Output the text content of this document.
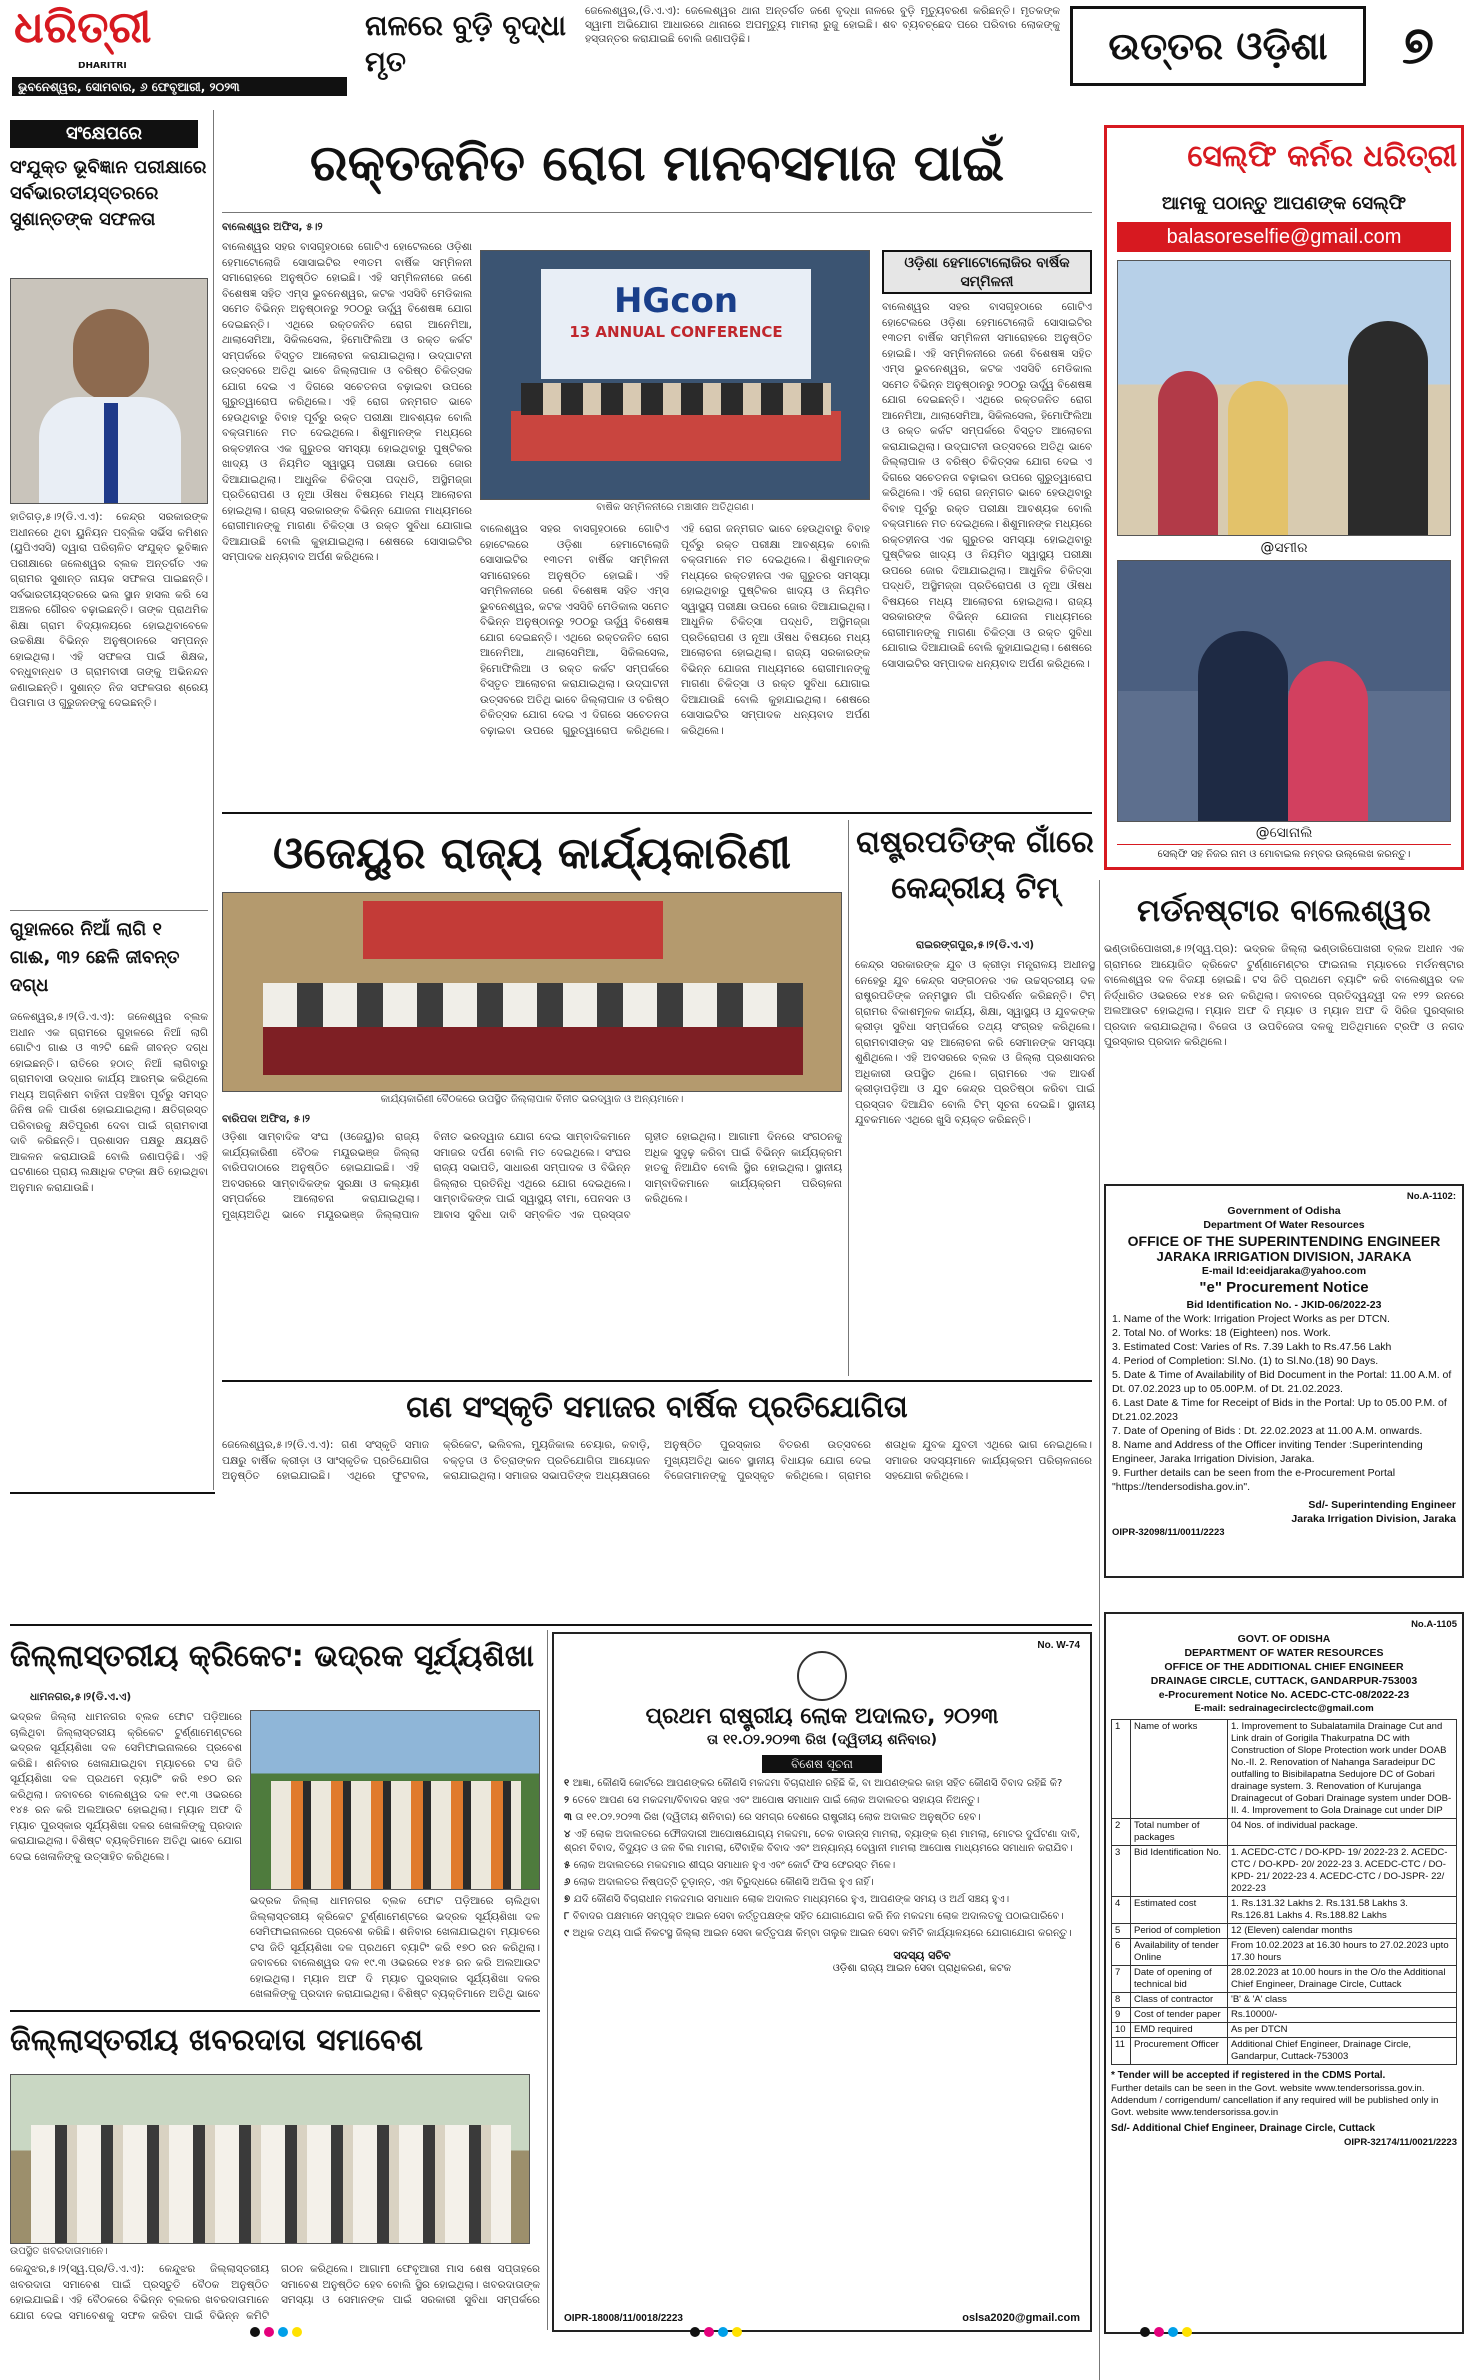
ଧରିତ୍ରୀ
DHARITRI
ଭୁବନେଶ୍ୱର, ସୋମବାର, ୬ ଫେବୃଆରୀ, ୨୦୨୩
ନାଳରେ ବୁଡ଼ି ବୃଦ୍ଧା ମୃତ
ଜେଲେଶ୍ୱର,(ଡି.ଏ.ଏ): ଜେଲେଶ୍ୱର ଥାନା ଅନ୍ତର୍ଗତ ଜଣେ ବୃଦ୍ଧା ନାଳରେ ବୁଡ଼ି ମୃତ୍ୟୁବରଣ କରିଛନ୍ତି। ମୃତକଙ୍କ ସ୍ୱାମୀ ଅଭିଯୋଗ ଆଧାରରେ ଥାନାରେ ଅପମୃତ୍ୟୁ ମାମଲା ରୁଜୁ ହୋଇଛି। ଶବ ବ୍ୟବଚ୍ଛେଦ ପରେ ପରିବାର ଲୋକଙ୍କୁ ହସ୍ତାନ୍ତର କରାଯାଇଛି ବୋଲି ଜଣାପଡ଼ିଛି।	ଉତ୍ତର ଓଡ଼ିଶା	୭
ସଂକ୍ଷେପରେ
ସଂଯୁକ୍ତ ଭୂବିଜ୍ଞାନ ପରୀକ୍ଷାରେ ସର୍ବଭାରତୀୟସ୍ତରରେ ସୁଶାନ୍ତଙ୍କ ସଫଳତା
ହାତିଗଡ଼,୫।୨(ଡି.ଏ.ଏ): କେନ୍ଦ୍ର ସରକାରଙ୍କ ଅଧୀନରେ ଥିବା ୟୁନିୟନ ପବ୍ଲିକ ସର୍ଭିସ କମିଶନ (ୟୁପିଏସସି) ଦ୍ୱାରା ପରିଚାଳିତ ସଂଯୁକ୍ତ ଭୂବିଜ୍ଞାନ ପରୀକ୍ଷାରେ ଜଲେଶ୍ୱର ବ୍ଲକ ଅନ୍ତର୍ଗତ ଏକ ଗ୍ରାମର ସୁଶାନ୍ତ ନାୟକ ସଫଳତା ପାଇଛନ୍ତି। ସର୍ବଭାରତୀୟସ୍ତରରେ ଭଲ ସ୍ଥାନ ହାସଲ କରି ସେ ଅଞ୍ଚଳର ଗୌରବ ବଢ଼ାଇଛନ୍ତି। ତାଙ୍କ ପ୍ରାଥମିକ ଶିକ୍ଷା ଗ୍ରାମ ବିଦ୍ୟାଳୟରେ ହୋଇଥିବାବେଳେ ଉଚ୍ଚଶିକ୍ଷା ବିଭିନ୍ନ ଅନୁଷ୍ଠାନରେ ସମ୍ପନ୍ନ ହୋଇଥିଲା। ଏହି ସଫଳତା ପାଇଁ ଶିକ୍ଷକ, ବନ୍ଧୁବାନ୍ଧବ ଓ ଗ୍ରାମବାସୀ ତାଙ୍କୁ ଅଭିନନ୍ଦନ ଜଣାଇଛନ୍ତି। ସୁଶାନ୍ତ ନିଜ ସଫଳତାର ଶ୍ରେୟ ପିତାମାତା ଓ ଗୁରୁଜନଙ୍କୁ ଦେଇଛନ୍ତି।
ଗୁହାଳରେ ନିଆଁ ଲାଗି ୧ ଗାଈ, ୩୨ ଛେଳି ଜୀବନ୍ତ ଦଗ୍ଧ
ଜଳେଶ୍ୱର,୫।୨(ଡି.ଏ.ଏ): ଜଳେଶ୍ୱର ବ୍ଲକ ଅଧୀନ ଏକ ଗ୍ରାମରେ ଗୁହାଳରେ ନିଆଁ ଲାଗି ଗୋଟିଏ ଗାଈ ଓ ୩୨ଟି ଛେଳି ଜୀବନ୍ତ ଦଗ୍ଧ ହୋଇଛନ୍ତି। ରାତିରେ ହଠାତ୍ ନିଆଁ ଲାଗିବାରୁ ଗ୍ରାମବାସୀ ଉଦ୍ଧାର କାର୍ଯ୍ୟ ଆରମ୍ଭ କରିଥିଲେ ମଧ୍ୟ ଅଗ୍ନିଶମ ବାହିନୀ ପହଞ୍ଚିବା ପୂର୍ବରୁ ସମସ୍ତ ଜିନିଷ ଜଳି ପାଉଁଶ ହୋଇଯାଇଥିଲା। କ୍ଷତିଗ୍ରସ୍ତ ପରିବାରକୁ କ୍ଷତିପୂରଣ ଦେବା ପାଇଁ ଗ୍ରାମବାସୀ ଦାବି କରିଛନ୍ତି। ପ୍ରଶାସନ ପକ୍ଷରୁ କ୍ଷୟକ୍ଷତି ଆକଳନ କରାଯାଉଛି ବୋଲି ଜଣାପଡ଼ିଛି। ଏହି ଘଟଣାରେ ପ୍ରାୟ ଲକ୍ଷାଧିକ ଟଙ୍କା କ୍ଷତି ହୋଇଥିବା ଅନୁମାନ କରାଯାଉଛି।
ରକ୍ତଜନିତ ରୋଗ ମାନବସମାଜ ପାଇଁ
ବାଲେଶ୍ୱର ଅଫିସ, ୫।୨
HGcon
13 ANNUAL CONFERENCE
ବାର୍ଷିକ ସମ୍ମିଳନୀରେ ମଞ୍ଚାସୀନ ଅତିଥିଗଣ।
ଓଡ଼ିଶା ହେମାଟୋଲୋଜିର ବାର୍ଷିକ ସମ୍ମିଳନୀ
ବାଲେଶ୍ୱର ସହର ବାସଗୃହଠାରେ ଗୋଟିଏ ହୋଟେଲରେ ଓଡ଼ିଶା ହେମାଟୋଲୋଜି ସୋସାଇଟିର ୧୩ତମ ବାର୍ଷିକ ସମ୍ମିଳନୀ ସମାରୋହରେ ଅନୁଷ୍ଠିତ ହୋଇଛି। ଏହି ସମ୍ମିଳନୀରେ ଜଣେ ବିଶେଷଜ୍ଞ ସହିତ ଏମ୍ସ ଭୁବନେଶ୍ୱର, କଟକ ଏସସିବି ମେଡିକାଲ ସମେତ ବିଭିନ୍ନ ଅନୁଷ୍ଠାନରୁ ୨୦୦ରୁ ଊର୍ଦ୍ଧ୍ୱ ବିଶେଷଜ୍ଞ ଯୋଗ ଦେଇଛନ୍ତି। ଏଥିରେ ରକ୍ତଜନିତ ରୋଗ ଆନେମିଆ, ଥାଲାସେମିଆ, ସିକିଲସେଲ, ହିମୋଫିଲିଆ ଓ ରକ୍ତ କର୍କଟ ସମ୍ପର୍କରେ ବିସ୍ତୃତ ଆଲୋଚନା କରାଯାଇଥିଲା। ଉଦ୍‌ଘାଟନୀ ଉତ୍ସବରେ ଅତିଥି ଭାବେ ଜିଲ୍ଲାପାଳ ଓ ବରିଷ୍ଠ ଚିକିତ୍ସକ ଯୋଗ ଦେଇ ଏ ଦିଗରେ ସଚେତନତା ବଢ଼ାଇବା ଉପରେ ଗୁରୁତ୍ୱାରୋପ କରିଥିଲେ। ଏହି ରୋଗ ଜନ୍ମଗତ ଭାବେ ହେଉଥିବାରୁ ବିବାହ ପୂର୍ବରୁ ରକ୍ତ ପରୀକ୍ଷା ଆବଶ୍ୟକ ବୋଲି ବକ୍ତାମାନେ ମତ ଦେଇଥିଲେ। ଶିଶୁମାନଙ୍କ ମଧ୍ୟରେ ରକ୍ତହୀନତା ଏକ ଗୁରୁତର ସମସ୍ୟା ହୋଇଥିବାରୁ ପୁଷ୍ଟିକର ଖାଦ୍ୟ ଓ ନିୟମିତ ସ୍ୱାସ୍ଥ୍ୟ ପରୀକ୍ଷା ଉପରେ ଜୋର ଦିଆଯାଇଥିଲା। ଆଧୁନିକ ଚିକିତ୍ସା ପଦ୍ଧତି, ଅସ୍ଥିମଜ୍ଜା ପ୍ରତିରୋପଣ ଓ ନୂଆ ଔଷଧ ବିଷୟରେ ମଧ୍ୟ ଆଲୋଚନା ହୋଇଥିଲା। ରାଜ୍ୟ ସରକାରଙ୍କ ବିଭିନ୍ନ ଯୋଜନା ମାଧ୍ୟମରେ ରୋଗୀମାନଙ୍କୁ ମାଗଣା ଚିକିତ୍ସା ଓ ରକ୍ତ ସୁବିଧା ଯୋଗାଇ ଦିଆଯାଉଛି ବୋଲି କୁହାଯାଇଥିଲା। ଶେଷରେ ସୋସାଇଟିର ସମ୍ପାଦକ ଧନ୍ୟବାଦ ଅର୍ପଣ କରିଥିଲେ।
ବାଲେଶ୍ୱର ସହର ବାସଗୃହଠାରେ ଗୋଟିଏ ହୋଟେଲରେ ଓଡ଼ିଶା ହେମାଟୋଲୋଜି ସୋସାଇଟିର ୧୩ତମ ବାର୍ଷିକ ସମ୍ମିଳନୀ ସମାରୋହରେ ଅନୁଷ୍ଠିତ ହୋଇଛି। ଏହି ସମ୍ମିଳନୀରେ ଜଣେ ବିଶେଷଜ୍ଞ ସହିତ ଏମ୍ସ ଭୁବନେଶ୍ୱର, କଟକ ଏସସିବି ମେଡିକାଲ ସମେତ ବିଭିନ୍ନ ଅନୁଷ୍ଠାନରୁ ୨୦୦ରୁ ଊର୍ଦ୍ଧ୍ୱ ବିଶେଷଜ୍ଞ ଯୋଗ ଦେଇଛନ୍ତି। ଏଥିରେ ରକ୍ତଜନିତ ରୋଗ ଆନେମିଆ, ଥାଲାସେମିଆ, ସିକିଲସେଲ, ହିମୋଫିଲିଆ ଓ ରକ୍ତ କର୍କଟ ସମ୍ପର୍କରେ ବିସ୍ତୃତ ଆଲୋଚନା କରାଯାଇଥିଲା। ଉଦ୍‌ଘାଟନୀ ଉତ୍ସବରେ ଅତିଥି ଭାବେ ଜିଲ୍ଲାପାଳ ଓ ବରିଷ୍ଠ ଚିକିତ୍ସକ ଯୋଗ ଦେଇ ଏ ଦିଗରେ ସଚେତନତା ବଢ଼ାଇବା ଉପରେ ଗୁରୁତ୍ୱାରୋପ କରିଥିଲେ। ଏହି ରୋଗ ଜନ୍ମଗତ ଭାବେ ହେଉଥିବାରୁ ବିବାହ ପୂର୍ବରୁ ରକ୍ତ ପରୀକ୍ଷା ଆବଶ୍ୟକ ବୋଲି ବକ୍ତାମାନେ ମତ ଦେଇଥିଲେ। ଶିଶୁମାନଙ୍କ ମଧ୍ୟରେ ରକ୍ତହୀନତା ଏକ ଗୁରୁତର ସମସ୍ୟା ହୋଇଥିବାରୁ ପୁଷ୍ଟିକର ଖାଦ୍ୟ ଓ ନିୟମିତ ସ୍ୱାସ୍ଥ୍ୟ ପରୀକ୍ଷା ଉପରେ ଜୋର ଦିଆଯାଇଥିଲା। ଆଧୁନିକ ଚିକିତ୍ସା ପଦ୍ଧତି, ଅସ୍ଥିମଜ୍ଜା ପ୍ରତିରୋପଣ ଓ ନୂଆ ଔଷଧ ବିଷୟରେ ମଧ୍ୟ ଆଲୋଚନା ହୋଇଥିଲା। ରାଜ୍ୟ ସରକାରଙ୍କ ବିଭିନ୍ନ ଯୋଜନା ମାଧ୍ୟମରେ ରୋଗୀମାନଙ୍କୁ ମାଗଣା ଚିକିତ୍ସା ଓ ରକ୍ତ ସୁବିଧା ଯୋଗାଇ ଦିଆଯାଉଛି ବୋଲି କୁହାଯାଇଥିଲା। ଶେଷରେ ସୋସାଇଟିର ସମ୍ପାଦକ ଧନ୍ୟବାଦ ଅର୍ପଣ କରିଥିଲେ।
ବାଲେଶ୍ୱର ସହର ବାସଗୃହଠାରେ ଗୋଟିଏ ହୋଟେଲରେ ଓଡ଼ିଶା ହେମାଟୋଲୋଜି ସୋସାଇଟିର ୧୩ତମ ବାର୍ଷିକ ସମ୍ମିଳନୀ ସମାରୋହରେ ଅନୁଷ୍ଠିତ ହୋଇଛି। ଏହି ସମ୍ମିଳନୀରେ ଜଣେ ବିଶେଷଜ୍ଞ ସହିତ ଏମ୍ସ ଭୁବନେଶ୍ୱର, କଟକ ଏସସିବି ମେଡିକାଲ ସମେତ ବିଭିନ୍ନ ଅନୁଷ୍ଠାନରୁ ୨୦୦ରୁ ଊର୍ଦ୍ଧ୍ୱ ବିଶେଷଜ୍ଞ ଯୋଗ ଦେଇଛନ୍ତି। ଏଥିରେ ରକ୍ତଜନିତ ରୋଗ ଆନେମିଆ, ଥାଲାସେମିଆ, ସିକିଲସେଲ, ହିମୋଫିଲିଆ ଓ ରକ୍ତ କର୍କଟ ସମ୍ପର୍କରେ ବିସ୍ତୃତ ଆଲୋଚନା କରାଯାଇଥିଲା। ଉଦ୍‌ଘାଟନୀ ଉତ୍ସବରେ ଅତିଥି ଭାବେ ଜିଲ୍ଲାପାଳ ଓ ବରିଷ୍ଠ ଚିକିତ୍ସକ ଯୋଗ ଦେଇ ଏ ଦିଗରେ ସଚେତନତା ବଢ଼ାଇବା ଉପରେ ଗୁରୁତ୍ୱାରୋପ କରିଥିଲେ। ଏହି ରୋଗ ଜନ୍ମଗତ ଭାବେ ହେଉଥିବାରୁ ବିବାହ ପୂର୍ବରୁ ରକ୍ତ ପରୀକ୍ଷା ଆବଶ୍ୟକ ବୋଲି ବକ୍ତାମାନେ ମତ ଦେଇଥିଲେ। ଶିଶୁମାନଙ୍କ ମଧ୍ୟରେ ରକ୍ତହୀନତା ଏକ ଗୁରୁତର ସମସ୍ୟା ହୋଇଥିବାରୁ ପୁଷ୍ଟିକର ଖାଦ୍ୟ ଓ ନିୟମିତ ସ୍ୱାସ୍ଥ୍ୟ ପରୀକ୍ଷା ଉପରେ ଜୋର ଦିଆଯାଇଥିଲା। ଆଧୁନିକ ଚିକିତ୍ସା ପଦ୍ଧତି, ଅସ୍ଥିମଜ୍ଜା ପ୍ରତିରୋପଣ ଓ ନୂଆ ଔଷଧ ବିଷୟରେ ମଧ୍ୟ ଆଲୋଚନା ହୋଇଥିଲା। ରାଜ୍ୟ ସରକାରଙ୍କ ବିଭିନ୍ନ ଯୋଜନା ମାଧ୍ୟମରେ ରୋଗୀମାନଙ୍କୁ ମାଗଣା ଚିକିତ୍ସା ଓ ରକ୍ତ ସୁବିଧା ଯୋଗାଇ ଦିଆଯାଉଛି ବୋଲି କୁହାଯାଇଥିଲା। ଶେଷରେ ସୋସାଇଟିର ସମ୍ପାଦକ ଧନ୍ୟବାଦ ଅର୍ପଣ କରିଥିଲେ।
ସେଲ୍ଫି କର୍ନର ଧରିତ୍ରୀ
ଆମକୁ ପଠାନ୍ତୁ ଆପଣଙ୍କ ସେଲ୍ଫି
balasoreselfie@gmail.com
@ସମୀର
@ସୋନାଲି
ସେଲ୍ଫି ସହ ନିଜର ନାମ ଓ ମୋବାଇଲ ନମ୍ବର ଉଲ୍ଲେଖ କରନ୍ତୁ।
ଓଜେୟୁର ରାଜ୍ୟ କାର୍ଯ୍ୟକାରିଣୀ
କାର୍ଯ୍ୟକାରିଣୀ ବୈଠକରେ ଉପସ୍ଥିତ ଜିଲ୍ଲାପାଳ ବିନୀତ ଭରଦ୍ୱାଜ ଓ ଅନ୍ୟମାନେ।
ବାରିପଦା ଅଫିସ, ୫।୨
ଓଡ଼ିଶା ସାମ୍ବାଦିକ ସଂଘ (ଓଜେୟୁ)ର ରାଜ୍ୟ କାର୍ଯ୍ୟକାରିଣୀ ବୈଠକ ମୟୂରଭଞ୍ଜ ଜିଲ୍ଲା ବାରିପଦାଠାରେ ଅନୁଷ୍ଠିତ ହୋଇଯାଇଛି। ଏହି ଅବସରରେ ସାମ୍ବାଦିକଙ୍କ ସୁରକ୍ଷା ଓ କଲ୍ୟାଣ ସମ୍ପର୍କରେ ଆଲୋଚନା କରାଯାଇଥିଲା। ମୁଖ୍ୟଅତିଥି ଭାବେ ମୟୂରଭଞ୍ଜ ଜିଲ୍ଲାପାଳ ବିନୀତ ଭରଦ୍ୱାଜ ଯୋଗ ଦେଇ ସାମ୍ବାଦିକମାନେ ସମାଜର ଦର୍ପଣ ବୋଲି ମତ ଦେଇଥିଲେ। ସଂଘର ରାଜ୍ୟ ସଭାପତି, ସାଧାରଣ ସମ୍ପାଦକ ଓ ବିଭିନ୍ନ ଜିଲ୍ଲାର ପ୍ରତିନିଧି ଏଥିରେ ଯୋଗ ଦେଇଥିଲେ। ସାମ୍ବାଦିକଙ୍କ ପାଇଁ ସ୍ୱାସ୍ଥ୍ୟ ବୀମା, ପେନସନ ଓ ଆବାସ ସୁବିଧା ଦାବି ସମ୍ବଳିତ ଏକ ପ୍ରସ୍ତାବ ଗୃହୀତ ହୋଇଥିଲା। ଆଗାମୀ ଦିନରେ ସଂଗଠନକୁ ଅଧିକ ସୁଦୃଢ଼ କରିବା ପାଇଁ ବିଭିନ୍ନ କାର୍ଯ୍ୟକ୍ରମ ହାତକୁ ନିଆଯିବ ବୋଲି ସ୍ଥିର ହୋଇଥିଲା। ସ୍ଥାନୀୟ ସାମ୍ବାଦିକମାନେ କାର୍ଯ୍ୟକ୍ରମ ପରିଚାଳନା କରିଥିଲେ।
ରାଷ୍ଟ୍ରପତିଙ୍କ ଗାଁରେ କେନ୍ଦ୍ରୀୟ ଟିମ୍
ରାଇରଙ୍ଗପୁର,୫।୨(ଡି.ଏ.ଏ)
କେନ୍ଦ୍ର ସରକାରଙ୍କ ଯୁବ ଓ କ୍ରୀଡ଼ା ମନ୍ତ୍ରାଳୟ ଅଧୀନସ୍ଥ ନେହେରୁ ଯୁବ କେନ୍ଦ୍ର ସଙ୍ଗଠନର ଏକ ଉଚ୍ଚସ୍ତରୀୟ ଦଳ ରାଷ୍ଟ୍ରପତିଙ୍କ ଜନ୍ମସ୍ଥାନ ଗାଁ ପରିଦର୍ଶନ କରିଛନ୍ତି। ଟିମ୍ ଗ୍ରାମର ବିକାଶମୂଳକ କାର୍ଯ୍ୟ, ଶିକ୍ଷା, ସ୍ୱାସ୍ଥ୍ୟ ଓ ଯୁବକଙ୍କ କ୍ରୀଡ଼ା ସୁବିଧା ସମ୍ପର୍କରେ ତଥ୍ୟ ସଂଗ୍ରହ କରିଥିଲେ। ଗ୍ରାମବାସୀଙ୍କ ସହ ଆଲୋଚନା କରି ସେମାନଙ୍କ ସମସ୍ୟା ଶୁଣିଥିଲେ। ଏହି ଅବସରରେ ବ୍ଲକ ଓ ଜିଲ୍ଲା ପ୍ରଶାସନର ଅଧିକାରୀ ଉପସ୍ଥିତ ଥିଲେ। ଗ୍ରାମରେ ଏକ ଆଦର୍ଶ କ୍ରୀଡ଼ାପଡ଼ିଆ ଓ ଯୁବ କେନ୍ଦ୍ର ପ୍ରତିଷ୍ଠା କରିବା ପାଇଁ ପ୍ରସ୍ତାବ ଦିଆଯିବ ବୋଲି ଟିମ୍ ସୂଚନା ଦେଇଛି। ସ୍ଥାନୀୟ ଯୁବକମାନେ ଏଥିରେ ଖୁସି ବ୍ୟକ୍ତ କରିଛନ୍ତି।
ମର୍ଡନଷ୍ଟାର ବାଲେଶ୍ୱର
ଭଣ୍ଡାରିପୋଖରୀ,୫।୨(ସ୍ୱ.ପ୍ର): ଭଦ୍ରକ ଜିଲ୍ଲା ଭଣ୍ଡାରିପୋଖରୀ ବ୍ଲକ ଅଧୀନ ଏକ ଗ୍ରାମରେ ଆୟୋଜିତ କ୍ରିକେଟ ଟୁର୍ଣ୍ଣାମେଣ୍ଟର ଫାଇନାଲ ମ୍ୟାଚରେ ମର୍ଡନଷ୍ଟାର ବାଲେଶ୍ୱର ଦଳ ବିଜୟୀ ହୋଇଛି। ଟସ ଜିତି ପ୍ରଥମେ ବ୍ୟାଟିଂ କରି ବାଲେଶ୍ୱର ଦଳ ନିର୍ଦ୍ଧାରିତ ଓଭରରେ ୧୪୫ ରନ କରିଥିଲା। ଜବାବରେ ପ୍ରତିଦ୍ୱନ୍ଦ୍ୱୀ ଦଳ ୧୨୨ ରନରେ ଅଲଆଉଟ ହୋଇଥିଲା। ମ୍ୟାନ ଅଫ ଦି ମ୍ୟାଚ ଓ ମ୍ୟାନ ଅଫ ଦି ସିରିଜ ପୁରସ୍କାର ପ୍ରଦାନ କରାଯାଇଥିଲା। ବିଜେତା ଓ ଉପବିଜେତା ଦଳକୁ ଅତିଥିମାନେ ଟ୍ରଫି ଓ ନଗଦ ପୁରସ୍କାର ପ୍ରଦାନ କରିଥିଲେ।
No.A-1102:
Government of Odisha
Department Of Water Resources
OFFICE OF THE SUPERINTENDING ENGINEER
JARAKA IRRIGATION DIVISION, JARAKA
E-mail Id:eeidjaraka@yahoo.com
"e" Procurement Notice
Bid Identification No. - JKID-06/2022-23
1. Name of the Work: Irrigation Project Works as per DTCN.
2. Total No. of Works: 18 (Eighteen) nos. Work.
3. Estimated Cost: Varies of Rs. 7.39 Lakh to Rs.47.56 Lakh
4. Period of Completion: Sl.No. (1) to Sl.No.(18) 90 Days.
5. Date & Time of Availability of Bid Document in the Portal: 11.00 A.M. of Dt. 07.02.2023 up to 05.00P.M. of Dt. 21.02.2023.
6. Last Date & Time for Receipt of Bids in the Portal: Up to 05.00 P.M. of Dt.21.02.2023
7. Date of Opening of Bids : Dt. 22.02.2023 at 11.00 A.M. onwards.
8. Name and Address of the Officer inviting Tender :Superintending Engineer, Jaraka Irrigation Division, Jaraka.
9. Further details can be seen from the e-Procurement Portal "https://tendersodisha.gov.in".
Sd/- Superintending Engineer
Jaraka Irrigation Division, Jaraka
OIPR-32098/11/0011/2223
ଗଣ ସଂସ୍କୃତି ସମାଜର ବାର୍ଷିକ ପ୍ରତିଯୋଗିତା
ଜେଲେଶ୍ୱର,୫।୨(ଡି.ଏ.ଏ): ଗଣ ସଂସ୍କୃତି ସମାଜ ପକ୍ଷରୁ ବାର୍ଷିକ କ୍ରୀଡ଼ା ଓ ସାଂସ୍କୃତିକ ପ୍ରତିଯୋଗିତା ଅନୁଷ୍ଠିତ ହୋଇଯାଇଛି। ଏଥିରେ ଫୁଟବଲ, କ୍ରିକେଟ, ଭଲିବଲ, ମ୍ୟୁଜିକାଲ ଚେୟାର, କବାଡ଼ି, ବକ୍ତୃତା ଓ ଚିତ୍ରାଙ୍କନ ପ୍ରତିଯୋଗିତା ଆୟୋଜନ କରାଯାଇଥିଲା। ସମାଜର ସଭାପତିଙ୍କ ଅଧ୍ୟକ୍ଷତାରେ ଅନୁଷ୍ଠିତ ପୁରସ୍କାର ବିତରଣ ଉତ୍ସବରେ ମୁଖ୍ୟଅତିଥି ଭାବେ ସ୍ଥାନୀୟ ବିଧାୟକ ଯୋଗ ଦେଇ ବିଜେତାମାନଙ୍କୁ ପୁରସ୍କୃତ କରିଥିଲେ। ଗ୍ରାମର ଶତାଧିକ ଯୁବକ ଯୁବତୀ ଏଥିରେ ଭାଗ ନେଇଥିଲେ। ସମାଜର ସଦସ୍ୟମାନେ କାର୍ଯ୍ୟକ୍ରମ ପରିଚାଳନାରେ ସହଯୋଗ କରିଥିଲେ।
ଜିଲ୍ଲାସ୍ତରୀୟ କ୍ରିକେଟ: ଭଦ୍ରକ ସୂର୍ଯ୍ୟଶିଖା
ଧାମନଗର,୫।୨(ଡି.ଏ.ଏ)
ଭଦ୍ରକ ଜିଲ୍ଲା ଧାମନଗର ବ୍ଲକ ଫୋଟ ପଡ଼ିଆରେ ଚାଲିଥିବା ଜିଲ୍ଲାସ୍ତରୀୟ କ୍ରିକେଟ ଟୁର୍ଣ୍ଣାମେଣ୍ଟରେ ଭଦ୍ରକ ସୂର୍ଯ୍ୟଶିଖା ଦଳ ସେମିଫାଇନାଲରେ ପ୍ରବେଶ କରିଛି। ଶନିବାର ଖେଳାଯାଇଥିବା ମ୍ୟାଚରେ ଟସ ଜିତି ସୂର୍ଯ୍ୟଶିଖା ଦଳ ପ୍ରଥମେ ବ୍ୟାଟିଂ କରି ୧୭୦ ରନ କରିଥିଲା। ଜବାବରେ ବାଲେଶ୍ୱର ଦଳ ୧୯.୩ ଓଭରରେ ୧୪୫ ରନ କରି ଅଲଆଉଟ ହୋଇଥିଲା। ମ୍ୟାନ ଅଫ ଦି ମ୍ୟାଚ ପୁରସ୍କାର ସୂର୍ଯ୍ୟଶିଖା ଦଳର ଖେଳାଳିଙ୍କୁ ପ୍ରଦାନ କରାଯାଇଥିଲା। ବିଶିଷ୍ଟ ବ୍ୟକ୍ତିମାନେ ଅତିଥି ଭାବେ ଯୋଗ ଦେଇ ଖେଳାଳିଙ୍କୁ ଉତ୍ସାହିତ କରିଥିଲେ।
ଭଦ୍ରକ ଜିଲ୍ଲା ଧାମନଗର ବ୍ଲକ ଫୋଟ ପଡ଼ିଆରେ ଚାଲିଥିବା ଜିଲ୍ଲାସ୍ତରୀୟ କ୍ରିକେଟ ଟୁର୍ଣ୍ଣାମେଣ୍ଟରେ ଭଦ୍ରକ ସୂର୍ଯ୍ୟଶିଖା ଦଳ ସେମିଫାଇନାଲରେ ପ୍ରବେଶ କରିଛି। ଶନିବାର ଖେଳାଯାଇଥିବା ମ୍ୟାଚରେ ଟସ ଜିତି ସୂର୍ଯ୍ୟଶିଖା ଦଳ ପ୍ରଥମେ ବ୍ୟାଟିଂ କରି ୧୭୦ ରନ କରିଥିଲା। ଜବାବରେ ବାଲେଶ୍ୱର ଦଳ ୧୯.୩ ଓଭରରେ ୧୪୫ ରନ କରି ଅଲଆଉଟ ହୋଇଥିଲା। ମ୍ୟାନ ଅଫ ଦି ମ୍ୟାଚ ପୁରସ୍କାର ସୂର୍ଯ୍ୟଶିଖା ଦଳର ଖେଳାଳିଙ୍କୁ ପ୍ରଦାନ କରାଯାଇଥିଲା। ବିଶିଷ୍ଟ ବ୍ୟକ୍ତିମାନେ ଅତିଥି ଭାବେ
ଜିଲ୍ଲାସ୍ତରୀୟ ଖବରଦାତା ସମାବେଶ
ଉପସ୍ଥିତ ଖବରଦାତାମାନେ।
କେନ୍ଦୁଝର,୫।୨(ସ୍ୱ.ପ୍ର/ଡି.ଏ.ଏ): କେନ୍ଦୁଝର ଜିଲ୍ଲାସ୍ତରୀୟ ଖବରଦାତା ସମାବେଶ ପାଇଁ ପ୍ରସ୍ତୁତି ବୈଠକ ଅନୁଷ୍ଠିତ ହୋଇଯାଇଛି। ଏହି ବୈଠକରେ ବିଭିନ୍ନ ବ୍ଲକର ଖବରଦାତାମାନେ ଯୋଗ ଦେଇ ସମାବେଶକୁ ସଫଳ କରିବା ପାଇଁ ବିଭିନ୍ନ କମିଟି ଗଠନ କରିଥିଲେ। ଆଗାମୀ ଫେବୃଆରୀ ମାସ ଶେଷ ସପ୍ତାହରେ ସମାବେଶ ଅନୁଷ୍ଠିତ ହେବ ବୋଲି ସ୍ଥିର ହୋଇଥିଲା। ଖବରଦାତାଙ୍କ ସମସ୍ୟା ଓ ସେମାନଙ୍କ ପାଇଁ ସରକାରୀ ସୁବିଧା ସମ୍ପର୍କରେ
No. W-74
ପ୍ରଥମ ରାଷ୍ଟ୍ରୀୟ ଲୋକ ଅଦାଲତ, ୨୦୨୩
ତା ୧୧.୦୨.୨୦୨୩ ରିଖ (ଦ୍ୱିତୀୟ ଶନିବାର)
ବିଶେଷ ସୂଚନା
୧ ଆଜ୍ଞା, କୌଣସି କୋର୍ଟରେ ଆପଣଙ୍କର କୌଣସି ମକଦ୍ଦମା ବିଚାରାଧୀନ ରହିଛି କି, ବା ଆପଣଙ୍କର କାହା ସହିତ କୌଣସି ବିବାଦ ରହିଛି କି?
୨ ତେବେ ଆପଣ ସେ ମକଦ୍ଦମା/ବିବାଦର ସହଜ ଏବଂ ଆପୋଷ ସମାଧାନ ପାଇଁ ଲୋକ ଅଦାଲତର ସହାୟତା ନିଅନ୍ତୁ।
୩ ତା ୧୧.୦୨.୨୦୨୩ ରିଖ (ଦ୍ୱିତୀୟ ଶନିବାର) ରେ ସମଗ୍ର ଦେଶରେ ରାଷ୍ଟ୍ରୀୟ ଲୋକ ଅଦାଲତ ଅନୁଷ୍ଠିତ ହେବ।
୪ ଏହି ଲୋକ ଅଦାଲତରେ ଫୌଜଦାରୀ ଆପୋଷଯୋଗ୍ୟ ମକଦ୍ଦମା, ଚେକ ବାଉନ୍ସ ମାମଲା, ବ୍ୟାଙ୍କ ଋଣ ମାମଲା, ମୋଟର ଦୁର୍ଘଟଣା ଦାବି, ଶ୍ରମ ବିବାଦ, ବିଦ୍ୟୁତ ଓ ଜଳ ବିଲ ମାମଲା, ବୈବାହିକ ବିବାଦ ଏବଂ ଅନ୍ୟାନ୍ୟ ଦେୱାନୀ ମାମଲା ଆପୋଷ ମାଧ୍ୟମରେ ସମାଧାନ କରାଯିବ।
୫ ଲୋକ ଅଦାଲତରେ ମକଦ୍ଦମାର ଶୀଘ୍ର ସମାଧାନ ହୁଏ ଏବଂ କୋର୍ଟ ଫିସ ଫେରସ୍ତ ମିଳେ।
୬ ଲୋକ ଅଦାଲତର ନିଷ୍ପତ୍ତି ଚୂଡ଼ାନ୍ତ, ଏହା ବିରୁଦ୍ଧରେ କୌଣସି ଅପିଲ ହୁଏ ନାହିଁ।
୭ ଯଦି କୌଣସି ବିଚାରାଧୀନ ମକଦ୍ଦମାର ସମାଧାନ ଲୋକ ଅଦାଲତ ମାଧ୍ୟମରେ ହୁଏ, ଆପଣଙ୍କ ସମୟ ଓ ଅର୍ଥ ସଞ୍ଚୟ ହୁଏ।
୮ ବିବାଦର ପକ୍ଷମାନେ ସମ୍ପୃକ୍ତ ଆଇନ ସେବା କର୍ତ୍ତୃପକ୍ଷଙ୍କ ସହିତ ଯୋଗାଯୋଗ କରି ନିଜ ମକଦ୍ଦମା ଲୋକ ଅଦାଲତକୁ ପଠାଇପାରିବେ।
୯ ଅଧିକ ତଥ୍ୟ ପାଇଁ ନିକଟସ୍ଥ ଜିଲ୍ଲା ଆଇନ ସେବା କର୍ତ୍ତୃପକ୍ଷ କିମ୍ବା ତାଲୁକ ଆଇନ ସେବା କମିଟି କାର୍ଯ୍ୟାଳୟରେ ଯୋଗାଯୋଗ କରନ୍ତୁ।
ସଦସ୍ୟ ସଚିବ
ଓଡ଼ିଶା ରାଜ୍ୟ ଆଇନ ସେବା ପ୍ରାଧିକରଣ, କଟକ
OIPR-18008/11/0018/2223	oslsa2020@gmail.com
No.A-1105
GOVT. OF ODISHA
DEPARTMENT OF WATER RESOURCES
OFFICE OF THE ADDITIONAL CHIEF ENGINEER
DRAINAGE CIRCLE, CUTTACK, GANDARPUR-753003
e-Procurement Notice No. ACEDC-CTC-08/2022-23
E-mail: sedrainagecirclectc@gmail.com
1	Name of works	1. Improvement to Subalatamila Drainage Cut and Link drain of Gorigila Thakurpatna DC with Construction of Slope Protection work under DOAB No.-II. 2. Renovation of Nahanga Saradeipur DC outfalling to Bisibilapatna Sedujore DC of Gobari drainage system. 3. Renovation of Kurujanga Drainagecut of Gobari Drainage system under DOB-II. 4. Improvement to Gola Drainage cut under DIP
2	Total number of packages	04 Nos. of individual package.
3	Bid Identification No.	1. ACEDC-CTC / DO-KPD- 19/ 2022-23 2. ACEDC-CTC / DO-KPD- 20/ 2022-23 3. ACEDC-CTC / DO-KPD- 21/ 2022-23 4. ACEDC-CTC / DO-JSPR- 22/ 2022-23
4	Estimated cost	1. Rs.131.32 Lakhs 2. Rs.131.58 Lakhs 3. Rs.126.81 Lakhs 4. Rs.188.82 Lakhs
5	Period of completion	12 (Eleven) calendar months
6	Availability of tender Online	From 10.02.2023 at 16.30 hours to 27.02.2023 upto 17.30 hours
7	Date of opening of technical bid	28.02.2023 at 10.00 hours in the O/o the Additional Chief Engineer, Drainage Circle, Cuttack
8	Class of contractor	'B' & 'A' class
9	Cost of tender paper	Rs.10000/-
10	EMD required	As per DTCN
11	Procurement Officer	Additional Chief Engineer, Drainage Circle, Gandarpur, Cuttack-753003
* Tender will be accepted if registered in the CDMS Portal.
Further details can be seen in the Govt. website www.tendersorissa.gov.in. Addendum / corrigendum/ cancellation if any required will be published only in Govt. website www.tendersorissa.gov.in
Sd/- Additional Chief Engineer, Drainage Circle, Cuttack
OIPR-32174/11/0021/2223
